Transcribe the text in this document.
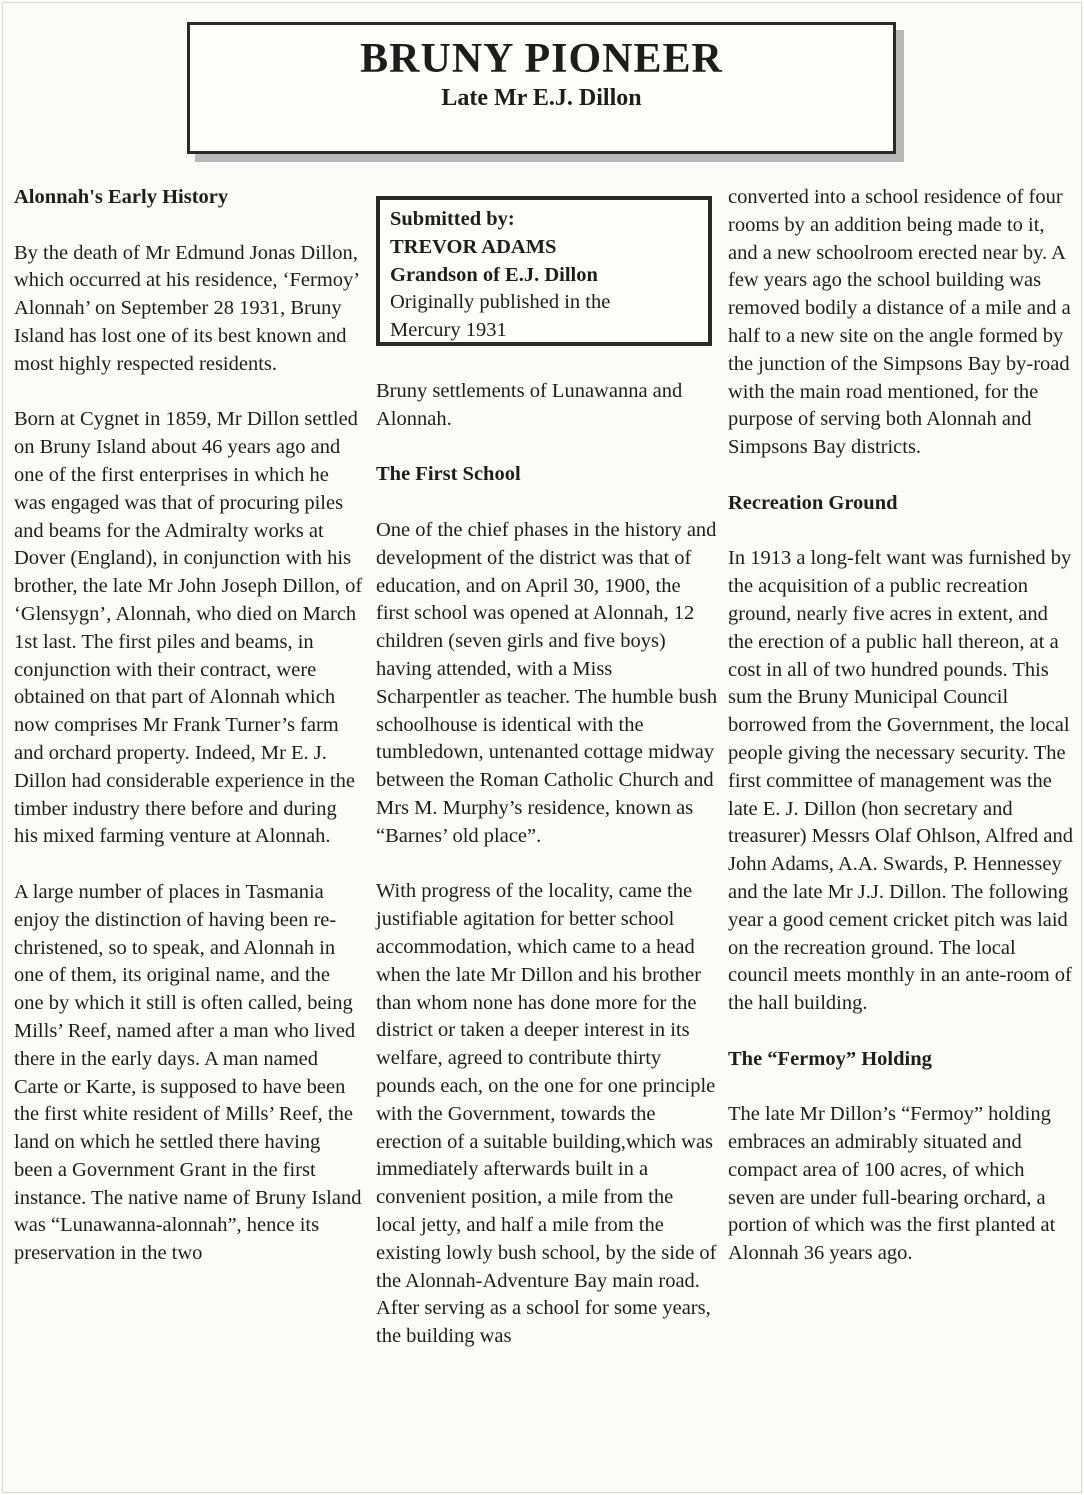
BRUNY PIONEER
Late Mr E.J. Dillon
Submitted by:
TREVOR ADAMS
Grandson of E.J. Dillon
Originally published in the
Mercury 1931
Alonnah's Early History

By the death of Mr Edmund Jonas Dillon, which occurred at his residence, ‘Fermoy’ Alonnah’ on September 28 1931, Bruny Island has lost one of its best known and most highly respected residents.

Born at Cygnet in 1859, Mr Dillon settled on Bruny Island about 46 years ago and one of the first enterprises in which he was engaged was that of procuring piles and beams for the Admiralty works at Dover (England), in conjunction with his brother, the late Mr John Joseph Dillon, of ‘Glensygn’, Alonnah, who died on March 1st last. The first piles and beams, in conjunction with their contract, were obtained on that part of Alonnah which now comprises Mr Frank Turner’s farm and orchard property. Indeed, Mr E. J. Dillon had considerable experience in the timber industry there before and during his mixed farming venture at Alonnah.

A large number of places in Tasmania enjoy the distinction of having been re-christened, so to speak, and Alonnah in one of them, its original name, and the one by which it still is often called, being Mills’ Reef, named after a man who lived there in the early days. A man named Carte or Karte, is supposed to have been the first white resident of Mills’ Reef, the land on which he settled there having been a Government Grant in the first instance. The native name of Bruny Island was “Lunawanna-alonnah”, hence its preservation in the two

Bruny settlements of Lunawanna and Alonnah.

The First School

One of the chief phases in the history and development of the district was that of education, and on April 30, 1900, the first school was opened at Alonnah, 12 children (seven girls and five boys) having attended, with a Miss Scharpentler as teacher. The humble bush schoolhouse is identical with the tumbledown, untenanted cottage midway between the Roman Catholic Church and Mrs M. Murphy’s residence, known as “Barnes’ old place”.

With progress of the locality, came the justifiable agitation for better school accommodation, which came to a head when the late Mr Dillon and his brother than whom none has done more for the district or taken a deeper interest in its welfare, agreed to contribute thirty pounds each, on the one for one principle with the Government, towards the erection of a suitable building,which was immediately afterwards built in a convenient position, a mile from the local jetty, and half a mile from the existing lowly bush school, by the side of the Alonnah-Adventure Bay main road. After serving as a school for some years, the building was

converted into a school residence of four rooms by an addition being made to it, and a new schoolroom erected near by. A few years ago the school building was removed bodily a distance of a mile and a half to a new site on the angle formed by the junction of the Simpsons Bay by-road with the main road mentioned, for the purpose of serving both Alonnah and Simpsons Bay districts.

Recreation Ground

In 1913 a long-felt want was furnished by the acquisition of a public recreation ground, nearly five acres in extent, and the erection of a public hall thereon, at a cost in all of two hundred pounds. This sum the Bruny Municipal Council borrowed from the Government, the local people giving the necessary security. The first committee of management was the late E. J. Dillon (hon secretary and treasurer) Messrs Olaf Ohlson, Alfred and John Adams, A.A. Swards, P. Hennessey and the late Mr J.J. Dillon. The following year a good cement cricket pitch was laid on the recreation ground. The local council meets monthly in an ante-room of the hall building.

The “Fermoy” Holding

The late Mr Dillon’s “Fermoy” holding embraces an admirably situated and compact area of 100 acres, of which seven are under full-bearing orchard, a portion of which was the first planted at Alonnah 36 years ago.
